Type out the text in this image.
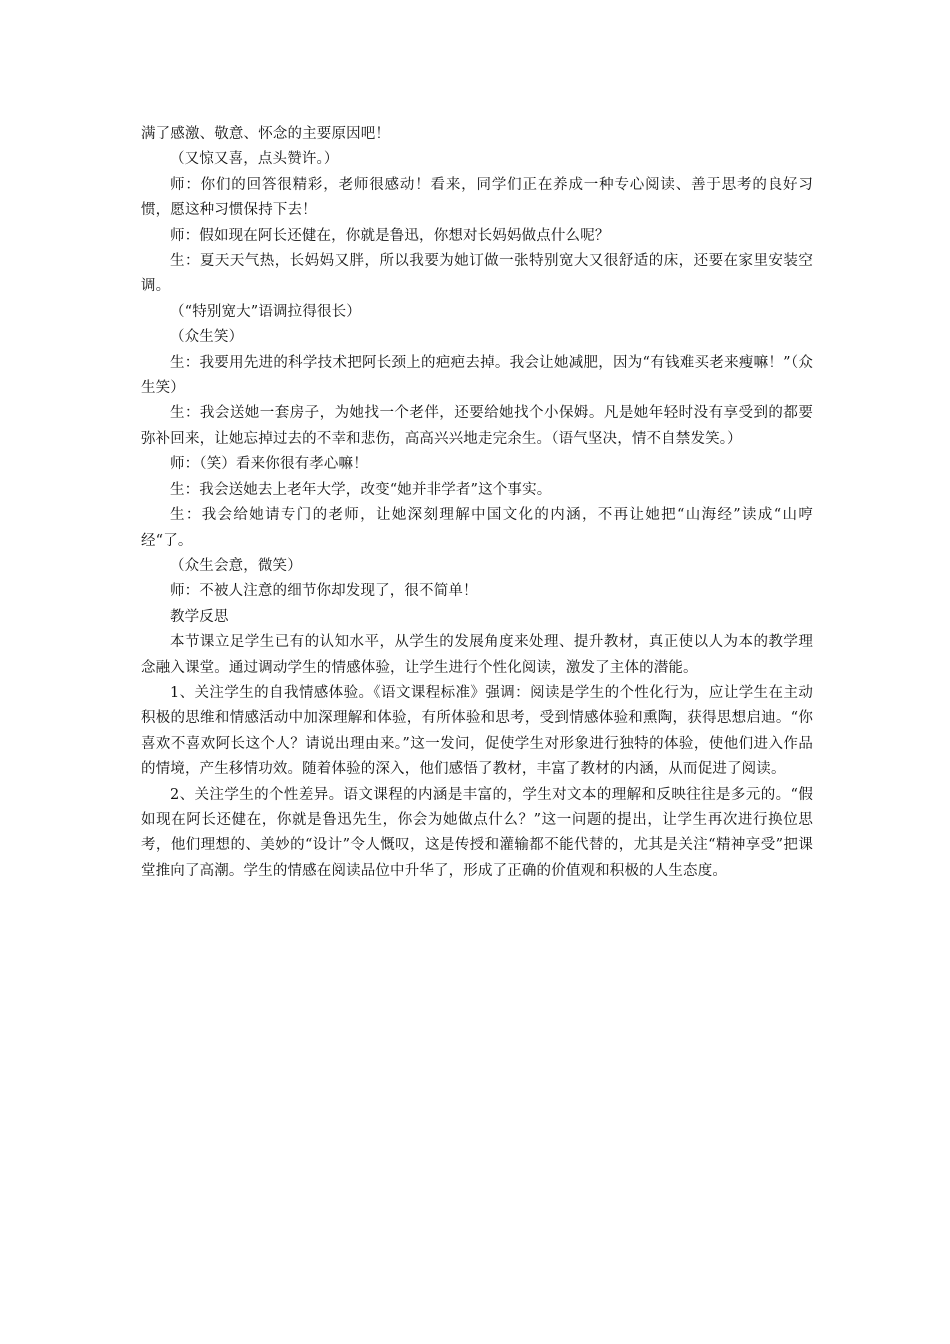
满了感激、敬意、怀念的主要原因吧！

（又惊又喜，点头赞许。）

师：你们的回答很精彩，老师很感动！看来，同学们正在养成一种专心阅读、善于思考的良好习惯，愿这种习惯保持下去！

师：假如现在阿长还健在，你就是鲁迅，你想对长妈妈做点什么呢？

生：夏天天气热，长妈妈又胖，所以我要为她订做一张特别宽大又很舒适的床，还要在家里安装空调。

（“特别宽大”语调拉得很长）

（众生笑）

生：我要用先进的科学技术把阿长颈上的疤疤去掉。我会让她减肥，因为“有钱难买老来瘦嘛！”（众生笑）

生：我会送她一套房子，为她找一个老伴，还要给她找个小保姆。凡是她年轻时没有享受到的都要弥补回来，让她忘掉过去的不幸和悲伤，高高兴兴地走完余生。（语气坚决，情不自禁发笑。）

师：（笑）看来你很有孝心嘛！

生：我会送她去上老年大学，改变“她并非学者”这个事实。

生：我会给她请专门的老师，让她深刻理解中国文化的内涵，不再让她把“山海经”读成“山哼经“了。

（众生会意，微笑）

师：不被人注意的细节你却发现了，很不简单！

教学反思

本节课立足学生已有的认知水平，从学生的发展角度来处理、提升教材，真正使以人为本的教学理念融入课堂。通过调动学生的情感体验，让学生进行个性化阅读，激发了主体的潜能。

1、关注学生的自我情感体验。《语文课程标准》强调：阅读是学生的个性化行为，应让学生在主动积极的思维和情感活动中加深理解和体验，有所体验和思考，受到情感体验和熏陶，获得思想启迪。“你喜欢不喜欢阿长这个人？请说出理由来。”这一发问，促使学生对形象进行独特的体验，使他们进入作品的情境，产生移情功效。随着体验的深入，他们感悟了教材，丰富了教材的内涵，从而促进了阅读。

2、关注学生的个性差异。语文课程的内涵是丰富的，学生对文本的理解和反映往往是多元的。“假如现在阿长还健在，你就是鲁迅先生，你会为她做点什么？”这一问题的提出，让学生再次进行换位思考，他们理想的、美妙的“设计”令人慨叹，这是传授和灌输都不能代替的，尤其是关注“精神享受”把课堂推向了高潮。学生的情感在阅读品位中升华了，形成了正确的价值观和积极的人生态度。
